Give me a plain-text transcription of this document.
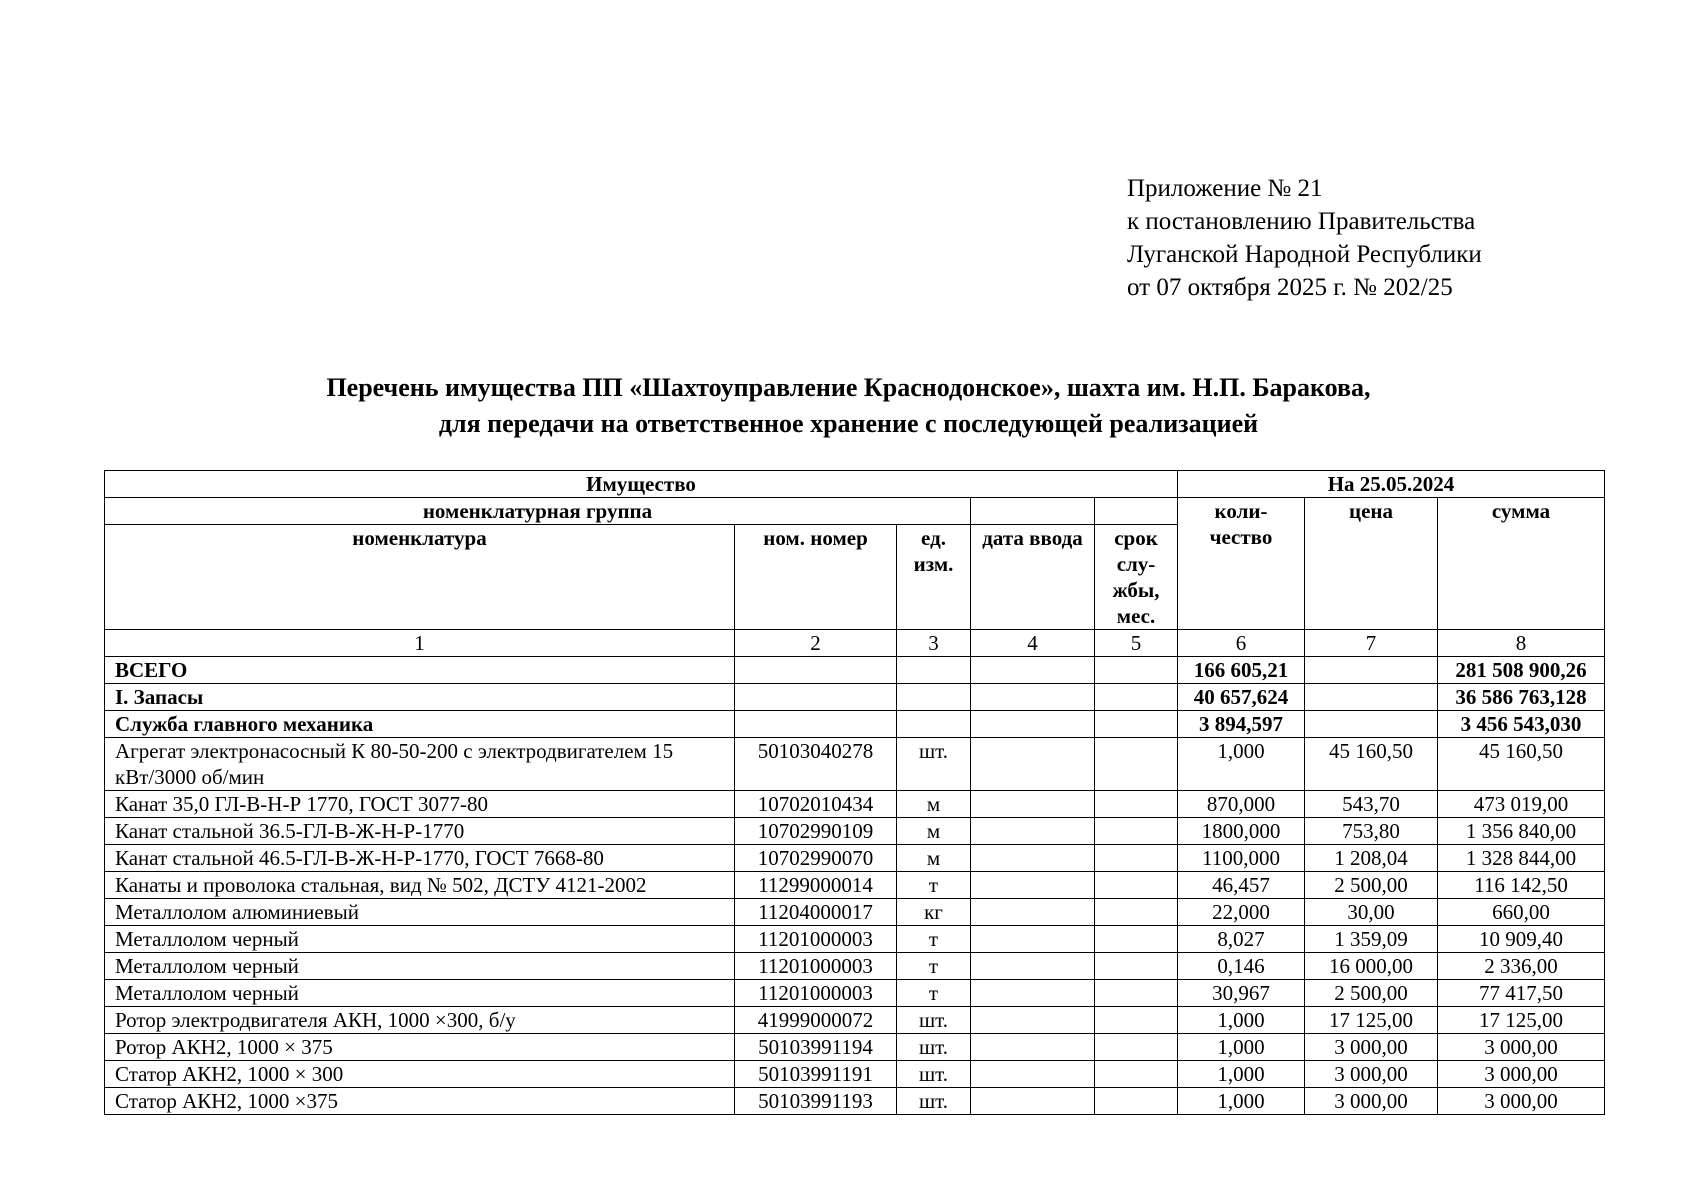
Приложение № 21
к постановлению Правительства
Луганской Народной Республики
от 07 октября 2025 г. № 202/25
Перечень имущества ПП «Шахтоуправление Краснодонское», шахта им. Н.П. Баракова,
для передачи на ответственное хранение с последующей реализацией
Имущество					На 25.05.2024		
номенклатурная группа					коли-чество	цена	сумма
номенклатура	ном. номер	ед. изм.	дата ввода	срок слу-жбы, мес.			
1	2	3	4	5	6	7	8
ВСЕГО					166 605,21		281 508 900,26
I. Запасы					40 657,624		36 586 763,128
Служба главного механика					3 894,597		3 456 543,030
Агрегат электронасосный К 80-50-200 с электродвигателем 15 кВт/3000 об/мин	50103040278	шт.			1,000	45 160,50	45 160,50
Канат 35,0 ГЛ-В-Н-Р 1770, ГОСТ 3077-80	10702010434	м			870,000	543,70	473 019,00
Канат стальной 36.5-ГЛ-В-Ж-Н-Р-1770	10702990109	м			1800,000	753,80	1 356 840,00
Канат стальной 46.5-ГЛ-В-Ж-Н-Р-1770, ГОСТ 7668-80	10702990070	м			1100,000	1 208,04	1 328 844,00
Канаты и проволока стальная, вид № 502, ДСТУ 4121-2002	11299000014	т			46,457	2 500,00	116 142,50
Металлолом алюминиевый	11204000017	кг			22,000	30,00	660,00
Металлолом черный	11201000003	т			8,027	1 359,09	10 909,40
Металлолом черный	11201000003	т			0,146	16 000,00	2 336,00
Металлолом черный	11201000003	т			30,967	2 500,00	77 417,50
Ротор электродвигателя АКН, 1000 ×300, б/у	41999000072	шт.			1,000	17 125,00	17 125,00
Ротор АКН2, 1000 × 375	50103991194	шт.			1,000	3 000,00	3 000,00
Статор АКН2, 1000 × 300	50103991191	шт.			1,000	3 000,00	3 000,00
Статор АКН2, 1000 ×375	50103991193	шт.			1,000	3 000,00	3 000,00
